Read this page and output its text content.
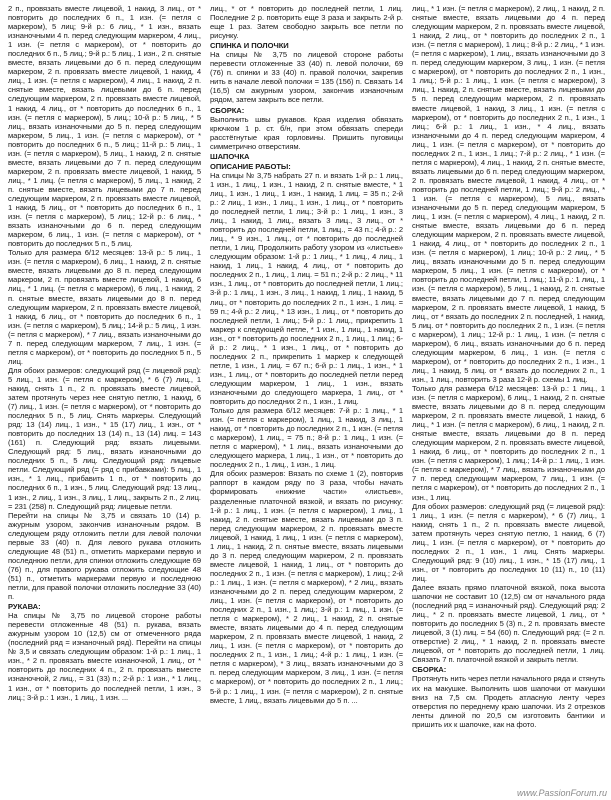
2 п., провязать вместе лицевой, 1 накид, 3 лиц., от * повторить до последних 6 п., 1 изн. (= петля с маркером), 5 лиц; 9-й р.: 6 лиц., * 1 изн., вязать изнаночными 4 п. перед следующим маркером, 4 лиц., 1 изн. (= петля с маркером), от * повторить до последних 6 п., 5 лиц.; 9-й р.: 5 лиц., 1 изн., 2 п. снятые вместе, вязать лицевыми до 6 п. перед следующим маркером, 2 п. провязать вместе лицевой, 1 накид, 4 лиц., 1 изн. (= петля с маркером), 4 лиц., 1 накид, 2 п. снятые вместе, вязать лицевыми до 6 п. перед следующим маркером, 2 п. провязать вместе лицевой, 1 накид, 4 лиц., от * повторить до последних 6 п., 1 изн. (= петля с маркером), 5 лиц.; 10-й р.: 5 лиц., * 5 лиц., вязать изнаночными до 5 п. перед следующим маркером, 5 лиц., 1 изн. (= петля с маркером), от * повторить до последних 6 п., 5 лиц.; 11-й р.: 5 лиц., 1 изн. (= петля с маркером), 5 лиц., 1 накид, 2 п. снятые вместе, вязать лицевыми до 7 п. перед следующим маркером, 2 п. провязать вместе лицевой, 1 накид, 5 лиц., * 1 лиц. (= петля с маркером), 5 лиц., 1 накид, 2 п. снятые вместе, вязать лицевыми до 7 п. перед следующим маркером, 2 п. провязать вместе лицевой, 1 накид, 5 лиц., от * повторить до последних 6 п., 1 изн. (= петля с маркером), 5 лиц.; 12-й р.: 6 лиц., * вязать изнаночными до 6 п. перед следующим маркером, 6 лиц., 1 изн. (= петля с маркером), от * повторить до последних 5 п., 5 лиц.

Только для размера 6/12 месяцев: 13-й р.: 5 лиц., 1 изн. (= петля с маркером), 6 лиц., 1 накид, 2 п. снятые вместе, вязать лицевыми до 8 п. перед следующим маркером, 2 п. провязать вместе лицевой, 1 накид, 6 лиц., * 1 лиц. (= петля с маркером), 6 лиц., 1 накид, 2 п. снятые вместе, вязать лицевыми до 8 п. перед следующим маркером, 2 п. провязать вместе лицевой, 1 накид, 6 лиц., от * повторить до последних 6 п., 1 изн. (= петля с маркером), 5 лиц.; 14-й р.: 5 лиц., 1 изн. (= петля с маркером), * 7 лиц., вязать изнаночными до 7 п. перед следующим маркером, 7 лиц., 1 изн. (= петля с маркером), от * повторить до последних 5 п., 5 лиц.

Для обоих размеров: следующий ряд (= лицевой ряд): 5 лиц., 1 изн. (= петля с маркером), * 6 (7) лиц., 1 накид, снять 1 п., 2 п. провязать вместе лицевой, затем протянуть через нее снятую петлю, 1 накид, 6 (7) лиц., 1 изн. (= петля с маркером), от * повторить до последних 5 п., 5 лиц. Снять маркеры. Следующий ряд: 13 (14) лиц., 1 изн., * 15 (17) лиц., 1 изн., от * повторить до последних 13 (14) п., 13 (14) лиц. = 143 (161) п. Следующий ряд: вязать лицевыми. Следующий ряд: 5 лиц., вязать изнаночными до последних 5 п., 5 лиц. Следующий ряд: лицевые петли. Следующий ряд (= ряд с прибавками): 5 лиц., 1 изн., * 1 лиц., прибавить 1 п., от * повторить до последних 6 п., 1 изн., 5 лиц. Следующий ряд: 13 лиц., 1 изн., 2 лиц., 1 изн., 3 лиц., 1 лиц., закрыть 2 п., 2 лиц. = 231 (258) п. Следующий ряд: лицевые петли.

Перейти на спицы № 3,75 и связать 10 (14) р. ажурным узором, закончив изнаночным рядом. В следующем ряду отложить петли для левой полочки первые 33 (40) п. Для левого рукава отложить следующие 48 (51) п., отметить маркерами первую и последнюю петли, для спинки отложить следующие 69 (76) п., для правого рукава отложить следующие 48 (51) п., отметить маркерами первую и последнюю петли, для правой полочки отложить последние 33 (40) п.

РУКАВА:

На спицы № 3,75 по лицевой стороне работы перевести отложенные 48 (51) п. рукава, вязать ажурным узором 10 (12,5) см от отмеченного ряда (последний ряд = изнаночный ряд). Перейти на спицы № 3,5 и связать следующим образом: 1-й р.: 1 лиц., 1 изн., * 2 п. провязать вместе изнаночной, 1 лиц., от * повторить до последних 4 п., 2 п. провязать вместе изнаночной, 2 лиц., = 31 (33) п.; 2-й р.: 1 изн., * 1 лиц., 1 изн., от * повторить до последней петли, 1 изн., 3 лиц.; 3-й р.: 1 изн., 1 лиц., 1 изн. ...

лиц., * от * повторить до последней петли, 1 лиц. Последние 2 р. повторить еще 3 раза и закрыть 2-й р. еще 1 раз. Затем свободно закрыть все петли по рисунку.

СПИНКА И ПОЛОЧКИ

На спицы № 3,75 по лицевой стороне работы перевести отложенные 33 (40) п. левой полочки, 69 (76) п. спинки и 33 (40) п. правой полочки, закрепив нить в начале левой полочки = 135 (156) п. Связать 14 (16,5) см ажурным узором, закончив изнаночным рядом, затем закрыть все петли.

СБОРКА:

Выполнить швы рукавов. Края изделия обвязать крючком 1 р. ст. б/н, при этом обвязать спереди расстёгнутые края горловины. Пришить пуговицы симметрично отверстиям.

ШАПОЧКА

ОПИСАНИЕ РАБОТЫ:

На спицы № 3,75 набрать 27 п. и вязать 1-й р.: 1 лиц., 1 изн., 1 лиц., 1 изн., 1 накид, 2 п. снятые вместе, * 1 лиц., 1 изн., 1 лиц., 1 изн., 1 накид, 1 лиц. = 35 п.; 2-й р.: 2 лиц., 1 изн., 1 лиц., 1 изн., 1 лиц., от * повторить до последней петли, 1 лиц.; 3-й р.: 1 лиц., 1 изн., 3 лиц., 1 накид, 1 лиц., вязать 3 лиц., 3 лиц., от * повторить до последней петли, 1 лиц., = 43 п.; 4-й р.: 2 лиц., * 9 изн., 1 лиц., от * повторить до последней петли, 1 лиц. Продолжить работу узором из «листьев» следующим образом: 1-й р.: 1 лиц., * 1 лиц., 4 лиц., 1 накид, 1 лиц., 1 накид, 4 лиц., от * повторить до последних 2 п., 1 лиц., 1 лиц. = 51 п.; 2-й р.: 2 лиц., * 11 изн., 1 лиц., от * повторить до последней петли, 1 лиц.; 3-й р.: 1 лиц., 1 изн., 3 лиц., 1 накид, 1 лиц., 1 накид, 5 лиц., от * повторить до последних 2 п., 1 изн., 1 лиц. = 59 п.; 4-й р.: 2 лиц., * 13 изн., 1 лиц., от * повторить до последней петли, 1 лиц.; 5-й р.: 1 лиц., прикрепить 1 маркер к следующей петле, * 1 изн., 1 лиц., 1 накид, 1 изн., от * повторить до последних 2 п., 1 лиц., 1 лиц.; 6-й р.: 2 лиц., * 1 изн., 1 лиц., от * повторить до последних 2 п., прикрепить 1 маркер к следующей петле, 1 изн., 1 лиц. = 67 п.; 6-й р.: 1 лиц., 1 изн., * 1 изн., 1 лиц., от * повторить до последней петли перед следующим маркером, 1 лиц., 1 изн., вязать изнаночными до следующего маркера, 1 лиц., от * повторить до последних 2 п., 1 изн., 1 лиц.

Только для размера 6/12 месяцев: 7-й р.: 1 лиц., * 1 изн. (= петля с маркером), 1 лиц., 1 накид, 3 лиц., 1 накид, от * повторить до последних 2 п., 1 изн. (= петля с маркером), 1 лиц., = 75 п.; 8-й р.: 1 лиц., 1 изн. (= петля с маркером), * 1 лиц., вязать изнаночными до следующего маркера, 1 лиц., 1 изн., от * повторить до последних 2 п., 1 лиц., 1 изн., 1 лиц.

Для обоих размеров: Вязать по схеме 1 (2), повторив раппорт в каждом ряду по 3 раза, чтобы начать формировать «нижние части» «листьев», разделенные платочной вязкой, и вязать по рисунку: 1-й р.: 1 лиц., 1 изн. (= петля с маркером), 1 лиц., 1 накид, 2 п. снятые вместе, вязать лицевыми до 3 п. перед следующим маркером, 2 п. провязать вместе лицевой, 1 накид, 1 лиц., 1 изн. (= петля с маркером), 1 лиц., 1 накид, 2 п. снятые вместе, вязать лицевыми до 3 п. перед следующим маркером, 2 п. провязать вместе лицевой, 1 накид, 1 лиц., от * повторить до последних 2 п., 1 изн. (= петля с маркером), 1 лиц.; 2-й р.: 1 лиц., 1 изн. (= петля с маркером), * 2 лиц., вязать изнаночными до 2 п. перед следующим маркером, 2 лиц., 1 изн. (= петля с маркером), от * повторить до последних 2 п., 1 изн., 1 лиц.; 3-й р.: 1 лиц., 1 изн. (= петля с маркером), * 2 лиц., 1 накид, 2 п. снятые вместе, вязать лицевыми до 4 п. перед следующим маркером, 2 п. провязать вместе лицевой, 1 накид, 2 лиц., 1 изн. (= петля с маркером), от * повторить до последних 2 п., 1 изн., 1 лиц.; 4-й р.: 1 лиц., 1 изн. (= петля с маркером), * 3 лиц., вязать изнаночными до 3 п. перед следующим маркером, 3 лиц., 1 изн. (= петля с маркером), от * повторить до последних 2 п., 1 лиц.; 5-й р.: 1 лиц., 1 изн. (= петля с маркером), 2 п. снятые вместе, 1 лиц., вязать лицевыми до 5 п. ...

лиц., * 1 изн. (= петля с маркером), 2 лиц., 1 накид, 2 п. снятые вместе, вязать лицевыми до 4 п. перед следующим маркером, 2 п. провязать вместе лицевой, 1 накид, 2 лиц., от * повторить до последних 2 п., 1 изн. (= петля с маркером), 1 лиц.; 8-й р.: 2 лиц., * 1 изн. (= петля с маркером), 1 лиц., вязать изнаночными до 3 п. перед следующим маркером, 3 лиц., 1 изн. (= петля с маркером), от * повторить до последних 2 п., 1 изн., 1 лиц.; 5-й р.: 1 лиц., 1 изн. (= петля с маркером), 3 лиц., 1 накид, 2 п. снятые вместе, вязать лицевыми до 5 п. перед следующим маркером, 2 п. провязать вместе лицевой, 1 накид, 3 лиц., 1 изн. (= петля с маркером), от * повторить до последних 2 п., 1 изн., 1 лиц.; 6-й р.: 1 лиц., 1 изн., * 4 лиц., вязать изнаночными до 4 п. перед следующим маркером, 4 лиц., 1 изн. (= петля с маркером), от * повторить до последних 2 п., 1 изн., 1 лиц.; 7-й р.: 2 лиц., * 1 изн. (= петля с маркером), 4 лиц., 1 накид, 2 п. снятые вместе, вязать лицевыми до 6 п. перед следующим маркером, 2 п. провязать вместе лицевой, 1 накид, 4 лиц., от * повторить до последней петли, 1 лиц.; 9-й р.: 2 лиц., * 1 изн. (= петля с маркером), 5 лиц., вязать изнаночными до 5 п. перед следующим маркером, 5 лиц., 1 изн. (= петля с маркером), 4 лиц., 1 накид, 2 п. снятые вместе, вязать лицевыми до 6 п. перед следующим маркером, 2 п. провязать вместе лицевой, 1 накид, 4 лиц., от * повторить до последних 2 п., 1 изн. (= петля с маркером), 1 лиц.; 10-й р.: 2 лиц., * 5 лиц., вязать изнаночными до 5 п. перед следующим маркером, 5 лиц., 1 изн. (= петля с маркером), от * повторить до последней петли, 1 лиц.; 11-й р.: 1 лиц., 1 изн. (= петля с маркером), 5 лиц., 1 накид, 2 п. снятые вместе, вязать лицевыми до 7 п. перед следующим маркером, 2 п. провязать вместе лицевой, 1 накид, 5 лиц., от * вязать до последних 2 п. последней, 1 накид, 5 лиц. от * повторить до последних 2 п., 1 изн. (= петля с маркером), 1 лиц.; 12-й р.: 1 лиц., 1 изн. (= петля с маркером), 6 лиц., вязать изнаночными до 6 п. перед следующим маркером, 6 лиц., 1 изн. (= петля с маркером), от * повторить до последних 2 п., 1 изн., 1 лиц., 1 накид, 5 лиц. от * вязать до последних 2 п., 1 изн., 1 лиц., повторить 3 раза 12-й р. схемы 1 лиц.

Только для размера 6/12 месяцев: 13-й р.: 1 лиц., 1 изн. (= петля с маркером), 6 лиц., 1 накид, 2 п. снятые вместе, вязать лицевыми до 8 п. перед следующим маркером, 2 п. провязать вместе лицевой, 1 накид, 6 лиц., * 1 изн. (= петля с маркером), 6 лиц., 1 накид, 2 п. снятые вместе, вязать лицевыми до 8 п. перед следующим маркером, 2 п. провязать вместе лицевой, 1 накид, 6 лиц., от * повторить до последних 2 п., 1 изн. (= петля с маркером), 1 лиц.; 14-й р.: 1 лиц., 1 изн. (= петля с маркером), * 7 лиц., вязать изнаночными до 7 п. перед следующим маркером, 7 лиц., 1 изн. (= петля с маркером), от * повторить до последних 2 п., 1 изн., 1 лиц.

Для обоих размеров: следующий ряд (= лицевой ряд): 1 лиц., 1 изн. (= петля с маркером), * 6 (7) лиц., 1 накид, снять 1 п., 2 п. провязать вместе лицевой, затем протянуть через снятую петлю, 1 накид, 6 (7) лиц., 1 изн. (= петля с маркером), от * повторить до последних 2 п., 1 изн., 1 лиц. Снять маркеры. Следующий ряд: 9 (10) лиц., 1 изн., * 15 (17) лиц., 1 изн., от * повторить до последних 10 (11) п., 10 (11) лиц.

Далее вязать прямо платочной вязкой, пока высота шапочки не составит 10 (12,5) см от начального ряда (последний ряд = изнаночный ряд). Следующий ряд: 2 лиц., * 2 п. провязать вместе лицевой, 1 лиц., от * повторить до последних 5 (3) п., 2 п. провязать вместе лицевой, 3 (1) лиц. = 54 (60) п. Следующий ряд: (= 2 п. отверстие) 2 лиц., * 1 накид, 2 п. провязать вместе лицевой, от * повторить до последней петли, 1 лиц. Связать 7 п. платочной вязкой и закрыть петли.

СБОРКА:

Протянуть нить через петли начального ряда и стянуть их на макушке. Выполнить шов шапочки от макушки вниз на 7,5 см. Продеть атласную ленту через отверстия по переднему краю шапочки. Из 2 отрезков ленты длиной по 20,5 см изготовить бантики и пришить их к шапочке, как на фото.

www.PassionForum.ru
